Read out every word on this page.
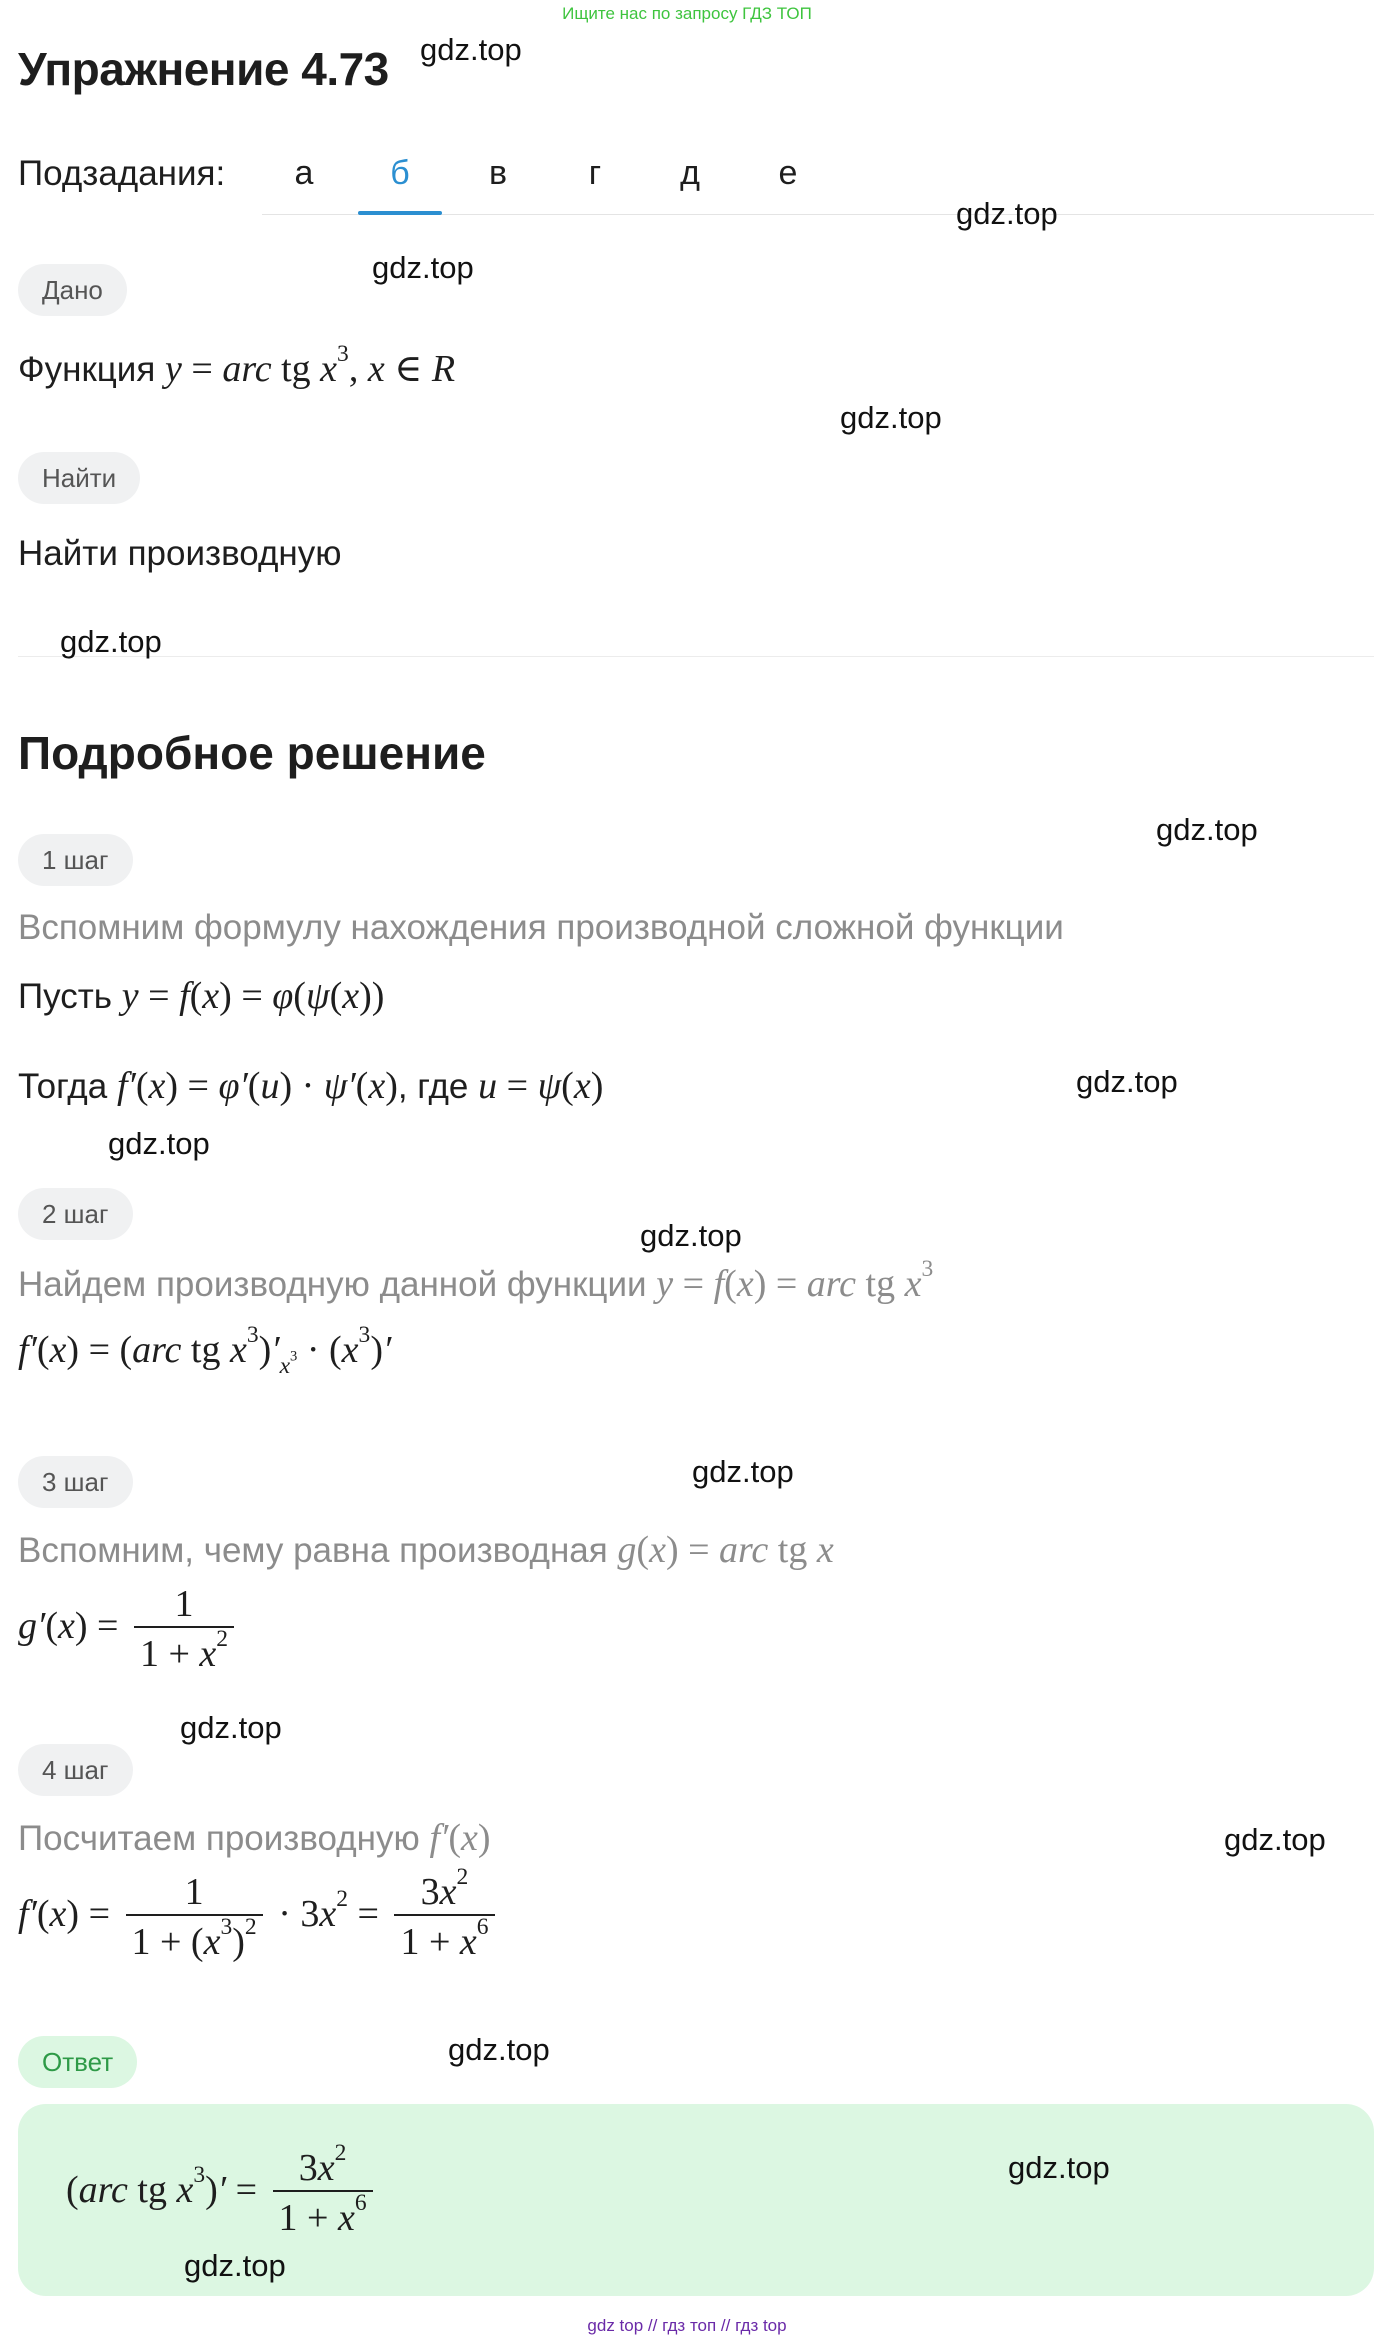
Ищите нас по запросу ГДЗ ТОП
Упражнение 4.73
Подзадания:	а	б	в	г	д	е
Дано
Функция y = arc tg $x^3$, x ∈ R
Найти
Найти производную
Подробное решение
1 шаг
Вспомним формулу нахождения производной сложной функции
Пусть y = f(x) = φ(ψ(x))
Тогда f′(x) = φ′(u) · ψ′(x), где u = ψ(x)
2 шаг
Найдем производную данной функции y = f(x) = arc tg $x^3$
f′(x) = (arc tg $x^3)'_{x^3} \cdot (x^3)'$
3 шаг
Вспомним, чему равна производная g(x) = arc tg x
$g'(x) = \frac{1}{1 + x^2}$
4 шаг
Посчитаем производную f′(x)
$f'(x) = \frac{1}{1 + (x^3)^2} \cdot 3x^2 = \frac{3x^2}{1 + x^6}$
Ответ
(arc tg $x^3)' = \frac{3x^2}{1 + x^6}$
gdz.top
gdz.top
gdz.top
gdz.top
gdz.top
gdz.top
gdz.top
gdz.top
gdz.top
gdz.top
gdz.top
gdz.top
gdz.top
gdz.top
gdz.top
gdz top // гдз топ // гдз top
